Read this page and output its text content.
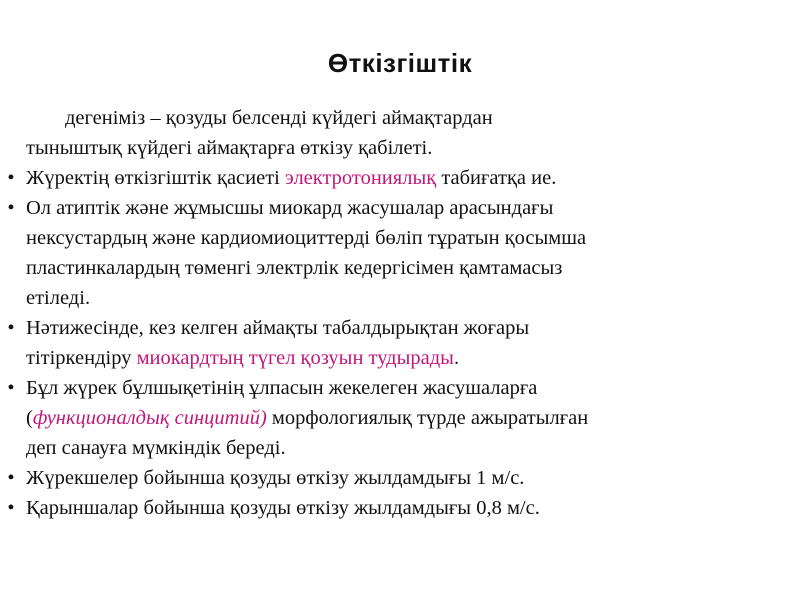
Өткізгіштік
дегеніміз – қозуды белсенді күйдегі аймақтардан
тыныштық күйдегі аймақтарға өткізу қабілеті.
• Жүректің өткізгіштік қасиеті электротониялық табиғатқа ие.
• Ол атиптік және жұмысшы миокард жасушалар арасындағы
нексустардың және кардиомиоциттерді бөліп тұратын қосымша
пластинкалардың төменгі электрлік кедергісімен қамтамасыз
етіледі.
• Нәтижесінде, кез келген аймақты табалдырықтан жоғары
тітіркендіру миокардтың түгел қозуын тудырады.
• Бұл жүрек бұлшықетінің ұлпасын жекелеген жасушаларға
(функционалдық синцитий) морфологиялық түрде ажыратылған
деп санауға мүмкіндік береді.
• Жүрекшелер бойынша қозуды өткізу жылдамдығы 1 м/с.
• Қарыншалар бойынша қозуды өткізу жылдамдығы 0,8 м/с.
